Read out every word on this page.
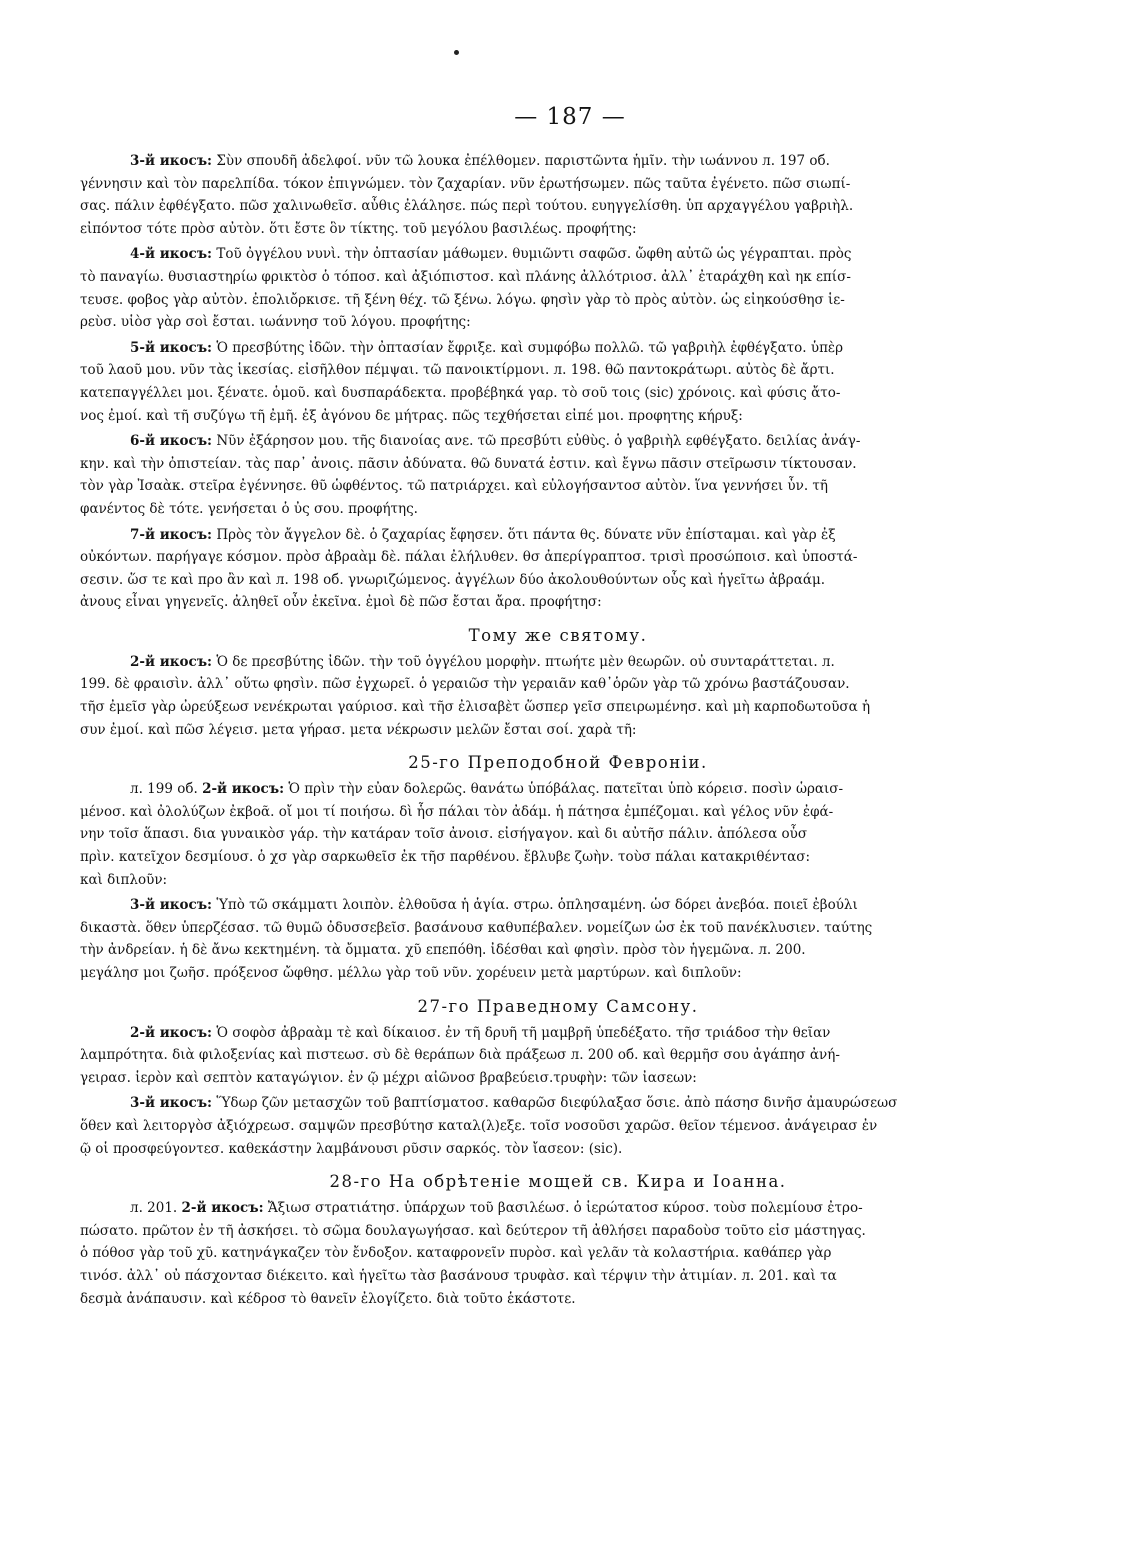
— 187 —
3-й икосъ: Σὺν σπουδῆ ἀδελφοί. νῦν τῶ λουκα ἐπέλθομεν. παριστῶντα ἡμῖν. τὴν ιωάννου л. 197 об.
γέννησιν καὶ τὸν παρελπίδα. τόκον ἐπιγνώμεν. τὸν ζαχαρίαν. νῦν ἐρωτήσωμεν. πῶς ταῦτα ἐγένετο. πῶσ σιωπί-
σας. πάλιν ἐφθέγξατο. πῶσ χαλινωθεῖσ. αὖθις ἐλάλησε. πώς περὶ τούτου. ευηγγελίσθη. ὑπ αρχαγγέλου γαβριὴλ.
εἰπόντοσ τότε πρὸσ αὐτὸν. ὅτι ἔστε ὃν τίκτης. τοῦ μεγόλου βασιλέως. προφήτης:
4-й икосъ: Τοῦ ὀγγέλου νυνὶ. τὴν ὀπτασίαν μάθωμεν. θυμιῶντι σαφῶσ. ὤφθη αὐτῶ ὡς γέγραπται. πρὸς
τὸ παναγίω. θυσιαστηρίω φρικτὸσ ὁ τόποσ. καὶ ἀξιόπιστοσ. καὶ πλάνης ἀλλότριοσ. ἀλλ᾽ ἐταράχθη καὶ ηκ επίσ-
τευσε. φοβος γὰρ αὐτὸν. ἐπολιὄρκισε. τῆ ξένη θέχ. τῶ ξένω. λόγω. φησὶν γὰρ τὸ πρὸς αὐτὸν. ὡς εἰηκούσθησ ἱε-
ρεὺσ. υἱὸσ γὰρ σοὶ ἔσται. ιωάννησ τοῦ λόγου. προφήτης:
5-й икосъ: Ὁ πρεσβύτης ἰδῶν. τὴν ὀπτασίαν ἔφριξε. καὶ συμφόβω πολλῶ. τῶ γαβριὴλ ἐφθέγξατο. ὑπὲρ
τοῦ λαοῦ μου. νῦν τὰς ἱκεσίας. εἰσῆλθον πέμψαι. τῶ πανοικτίρμονι. л. 198. θῶ παντοκράτωρι. αὐτὸς δὲ ἄρτι.
κατεπαγγέλλει μοι. ξένατε. ὁμοῦ. καὶ δυσπαράδεκτα. προβέβηκά γαρ. τὸ σοῦ τοις (sic) χρόνοις. καὶ φύσις ἄτο-
νος ἐμοί. καὶ τῆ συζύγω τῆ ἐμῆ. ἐξ ἀγόνου δε μήτρας. πῶς τεχθήσεται εἰπέ μοι. προφητης κήρυξ:
6-й икосъ: Νῦν ἐξάρησον μου. τῆς διανοίας ανε. τῶ πρεσβύτι εὐθὺς. ὁ γαβριὴλ εφθέγξατο. δειλίας ἀνάγ-
κην. καὶ τὴν ὀπιστείαν. τὰς παρ᾽ ἀνοις. πᾶσιν ἀδύνατα. θῶ δυνατά ἐστιν. καὶ ἔγνω πᾶσιν στεῖρωσιν τίκτουσαν.
τὸν γὰρ Ἰσαὰκ. στεῖρα ἐγέννησε. θῦ ὡφθέντος. τῶ πατριάρχει. καὶ εὐλογήσαντοσ αὐτὸν. ἵνα γεννήσει ὖν. τῆ
φανέντος δὲ τότε. γενήσεται ὁ ὐς σου. προφήτης.
7-й икосъ: Πρὸς τὸν ἄγγελον δὲ. ὁ ζαχαρίας ἔφησεν. ὅτι πάντα θς. δύνατε νῦν ἐπίσταμαι. καὶ γὰρ ἐξ
οὐκόντων. παρήγαγε κόσμον. πρὸσ ἀβραὰμ δὲ. πάλαι ἐλήλυθεν. θσ ἀπερίγραπτοσ. τρισὶ προσώποισ. καὶ ὑποστά-
σεσιν. ὥσ τε καὶ προ ἂν καὶ л. 198 об. γνωριζώμενος. ἀγγέλων δύο ἀκολουθούντων οὗς καὶ ἡγεῖτω ἀβραάμ.
ἀνους εἶναι γηγενεῖς. ἀληθεῖ οὖν ἐκεῖνα. ἐμοὶ δὲ πῶσ ἔσται ἄρα. προφήτησ:
Тому же святому.
2-й икосъ: Ὁ δε πρεσβύτης ἰδῶν. τὴν τοῦ ὀγγέλου μορφὴν. πτωήτε μὲν θεωρῶν. οὐ συνταράττεται. л.
199. δὲ φραισὶν. ἀλλ᾽ οὕτω φησὶν. πῶσ ἐγχωρεῖ. ὁ γεραιῶσ τὴν γεραιᾶν καθ᾽ὁρῶν γὰρ τῶ χρόνω βαστάζουσαν.
τῆσ ἐμεῖσ γὰρ ὠρεύξεωσ νενέκρωται γαύριοσ. καὶ τῆσ ἐλισαβὲτ ὥσπερ γεῖσ σπειρωμένησ. καὶ μὴ καρποδωτοῦσα ἡ
συν ἐμοί. καὶ πῶσ λέγεισ. μετα γήρασ. μετα νέκρωσιν μελῶν ἔσται σοί. χαρὰ τῆ:
25-го Преподобной Февроніи.
л. 199 об. 2-й икосъ: Ὁ πρὶν τὴν εὐαν δολερῶς. θανάτω ὑπόβάλας. πατεῖται ὑπὸ κόρεισ. ποσὶν ὡραισ-
μένοσ. καὶ ὀλολύζων ἐκβοᾶ. οἴ μοι τί ποιήσω. δὶ ἧσ πάλαι τὸν ἀδάμ. ἡ πάτησα ἐμπέζομαι. καὶ γέλος νῦν ἐφά-
νην τοῖσ ἅπασι. δια γυναικὸσ γάρ. τὴν κατάραν τοῖσ ἀνοισ. εἰσήγαγον. καὶ δι αὐτῆσ πάλιν. ἀπόλεσα οὖσ
πρὶν. κατεῖχον δεσμίουσ. ὁ χσ γὰρ σαρκωθεῖσ ἐκ τῆσ παρθένου. ἔβλυβε ζωὴν. τοὺσ πάλαι κατακριθέντασ:
καὶ διπλοῦν:
3-й икосъ: Ὑπὸ τῶ σκάμματι λοιπὸν. ἐλθοῦσα ἡ ἁγία. στρω. ὁπλησαμένη. ὡσ δόρει ἀνεβόα. ποιεῖ ἐβούλι
δικαστὰ. ὅθεν ὑπερζέσασ. τῶ θυμῶ ὀδυσσεβεῖσ. βασάνουσ καθυπέβαλεν. νομείζων ὡσ ἐκ τοῦ πανέκλυσιεν. ταύτης
τὴν ἀνδρείαν. ἡ δὲ ἄνω κεκτημένη. τὰ ὄμματα. χῦ επεπόθη. ἰδέσθαι καὶ φησὶν. πρὸσ τὸν ἡγεμῶνα. л. 200.
μεγάλησ μοι ζωῆσ. πρόξενοσ ὤφθησ. μέλλω γὰρ τοῦ νῦν. χορέυειν μετὰ μαρτύρων. καὶ διπλοῦν:
27-го Праведному Самсону.
2-й икосъ: Ὁ σοφὸσ ἀβραὰμ τὲ καὶ δίκαιοσ. ἐν τῆ δρυῆ τῆ μαμβρῆ ὑπεδέξατο. τῆσ τριάδοσ τὴν θεῖαν
λαμπρότητα. διὰ φιλοξενίας καὶ πιστεωσ. σὺ δὲ θεράπων διὰ πράξεωσ л. 200 об. καὶ θερμῆσ σου ἀγάπησ ἀνή-
γειρασ. ἱερὸν καὶ σεπτὸν καταγώγιον. ἐν ῷ μέχρι αἰῶνοσ βραβεύεισ.τρυφὴν: τῶν ἰασεων:
3-й икосъ: Ὕδωρ ζῶν μετασχῶν τοῦ βαπτίσματοσ. καθαρῶσ διεφύλαξασ ὅσιε. ἀπὸ πάσησ δινῆσ ἀμαυρώσεωσ
ὅθεν καὶ λειτοργὸσ ἀξιόχρεωσ. σαμψῶν πρεσβύτησ καταλ(λ)εξε. τοῖσ νοσοῦσι χαρῶσ. θεῖον τέμενοσ. ἀνάγειρασ ἐν
ῷ οἱ προσφεύγοντεσ. καθεκάστην λαμβάνουσι ρῦσιν σαρκός. τὸν ἴασεον: (sic).
28-го На обрѣтеніе мощей св. Кира и Іоанна.
л. 201. 2-й икосъ: Ἄξιωσ στρατιάτησ. ὑπάρχων τοῦ βασιλέωσ. ὁ ἱερώτατοσ κύροσ. τοὺσ πολεμίουσ ἐτρο-
πώσατο. πρῶτον ἐν τῆ ἀσκήσει. τὸ σῶμα δουλαγωγήσασ. καὶ δεύτερον τῆ ἀθλήσει παραδοὺσ τοῦτο εἰσ μάστηγας.
ὁ πόθοσ γὰρ τοῦ χῦ. κατηνάγκαζεν τὸν ἔνδοξον. καταφρονεῖν πυρὸσ. καὶ γελᾶν τὰ κολαστήρια. καθάπερ γὰρ
τινόσ. ἀλλ᾽ οὐ πάσχοντασ διέκειτο. καὶ ἡγεῖτω τὰσ βασάνουσ τρυφὰσ. καὶ τέρψιν τὴν ἀτιμίαν. л. 201. καὶ τα
δεσμὰ ἀνάπαυσιν. καὶ κέδροσ τὸ θανεῖν ἐλογίζετο. διὰ τοῦτο ἑκάστοτε.
